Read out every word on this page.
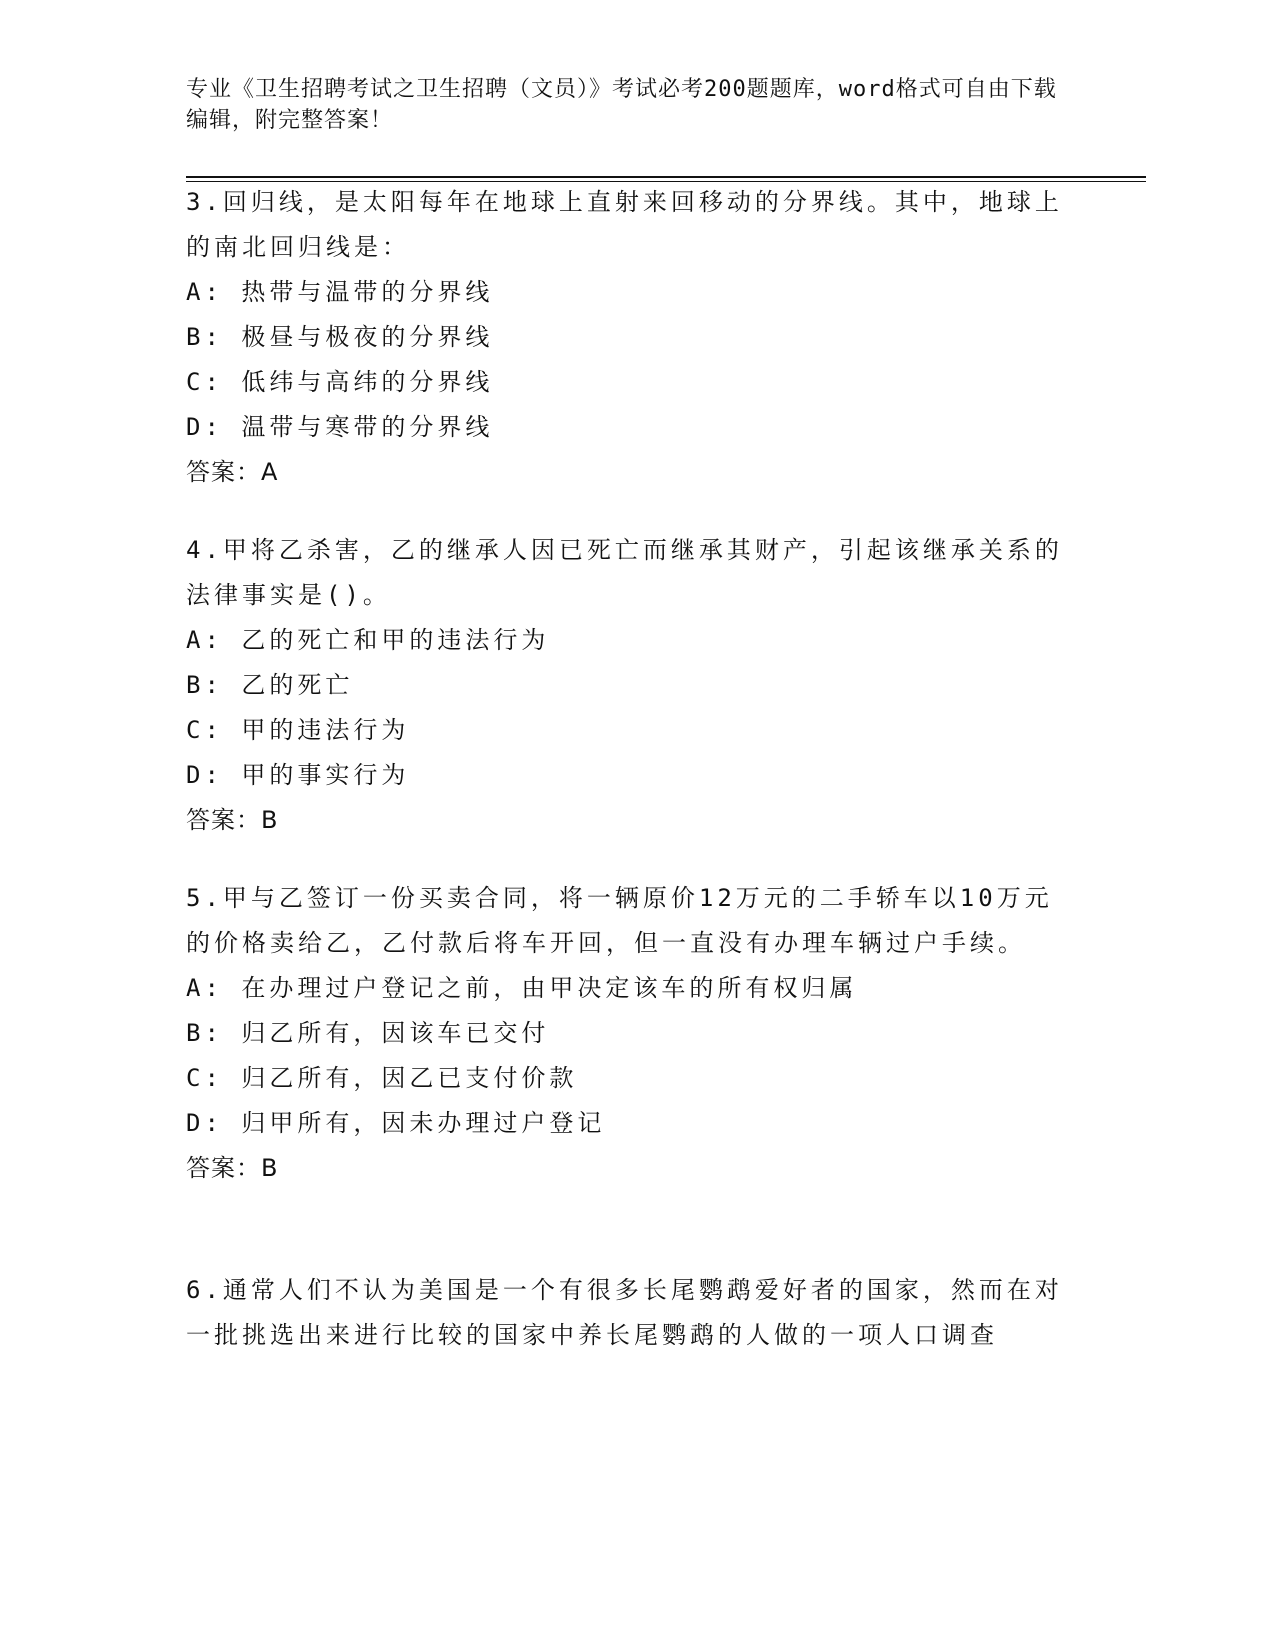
专业《卫生招聘考试之卫生招聘（文员）》考试必考200题题库，word格式可自由下载编辑，附完整答案！

3.回归线，是太阳每年在地球上直射来回移动的分界线。其中，地球上的南北回归线是：

A: 热带与温带的分界线

B: 极昼与极夜的分界线

C: 低纬与高纬的分界线

D: 温带与寒带的分界线

答案：A

4.甲将乙杀害，乙的继承人因已死亡而继承其财产，引起该继承关系的法律事实是()。

A: 乙的死亡和甲的违法行为

B: 乙的死亡

C: 甲的违法行为

D: 甲的事实行为

答案：B

5.甲与乙签订一份买卖合同，将一辆原价12万元的二手轿车以10万元的价格卖给乙，乙付款后将车开回，但一直没有办理车辆过户手续。

A: 在办理过户登记之前，由甲决定该车的所有权归属

B: 归乙所有，因该车已交付

C: 归乙所有，因乙已支付价款

D: 归甲所有，因未办理过户登记

答案：B

6.通常人们不认为美国是一个有很多长尾鹦鹉爱好者的国家，然而在对一批挑选出来进行比较的国家中养长尾鹦鹉的人做的一项人口调查
